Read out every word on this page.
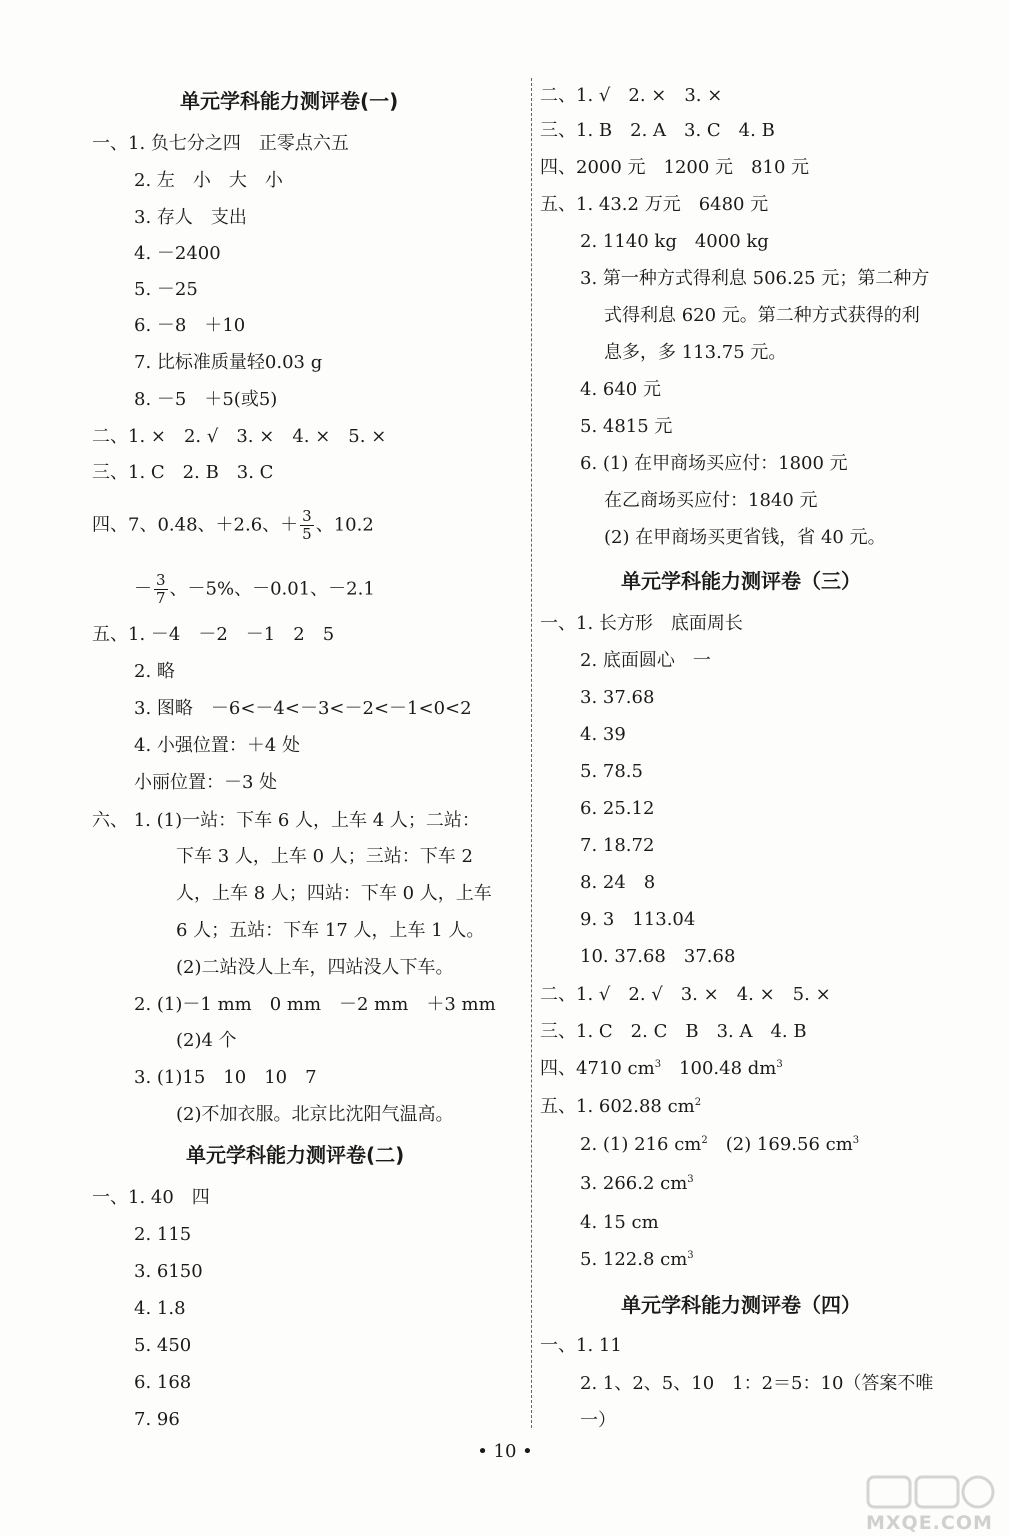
单元学科能力测评卷(一)
一、1. 负七分之四　正零点六五
2. 左　小　大　小
3. 存人　支出
4. －2400
5. －25
6. －8　＋10
7. 比标准质量轻0.03 g
8. －5　＋5(或5)
二、1. ×　2. √　3. ×　4. ×　5. ×
三、1. C　2. B　3. C
四、7、0.48、＋2.6、＋ $\frac{3}{5}$ 、10.2
－ $\frac{3}{7}$ 、－5%、－0.01、－2.1
五、1. －4　－2　－1　2　5
2. 略
3. 图略　－6<－4<－3<－2<－1<0<2
4. 小强位置：＋4 处
小丽位置：－3 处
六、 1. (1)一站：下车 6 人，上车 4 人；二站：
下车 3 人，上车 0 人；三站：下车 2
人，上车 8 人；四站：下车 0 人，上车
6 人；五站：下车 17 人，上车 1 人。
(2)二站没人上车，四站没人下车。
2. (1)－1 mm　0 mm　－2 mm　＋3 mm
(2)4 个
3. (1)15　10　10　7
(2)不加衣服。北京比沈阳气温高。
单元学科能力测评卷(二)
一、1. 40　四
2. 115
3. 6150
4. 1.8
5. 450
6. 168
7. 96
二、1. √　2. ×　3. ×
三、1. B　2. A　3. C　4. B
四、2000 元　1200 元　810 元
五、1. 43.2 万元　6480 元
2. 1140 kg　4000 kg
3. 第一种方式得利息 506.25 元；第二种方
式得利息 620 元。第二种方式获得的利
息多，多 113.75 元。
4. 640 元
5. 4815 元
6. (1) 在甲商场买应付：1800 元
在乙商场买应付：1840 元
(2) 在甲商场买更省钱，省 40 元。
单元学科能力测评卷（三）
一、1. 长方形　底面周长
2. 底面圆心　一
3. 37.68
4. 39
5. 78.5
6. 25.12
7. 18.72
8. 24　8
9. 3　113.04
10. 37.68　37.68
二、1. √　2. √　3. ×　4. ×　5. ×
三、1. C　2. C　B　3. A　4. B
四、4710 $cm^3$　100.48 $dm^3$
五、1. 602.88 $cm^2$
2. (1) 216 $cm^2$　(2) 169.56 $cm^3$
3. 266.2 $cm^3$
4. 15 cm
5. 122.8 $cm^3$
单元学科能力测评卷（四）
一、1. 11
2. 1、2、5、10　1：2＝5：10（答案不唯
一）
• 10 •
MXQE.COM
